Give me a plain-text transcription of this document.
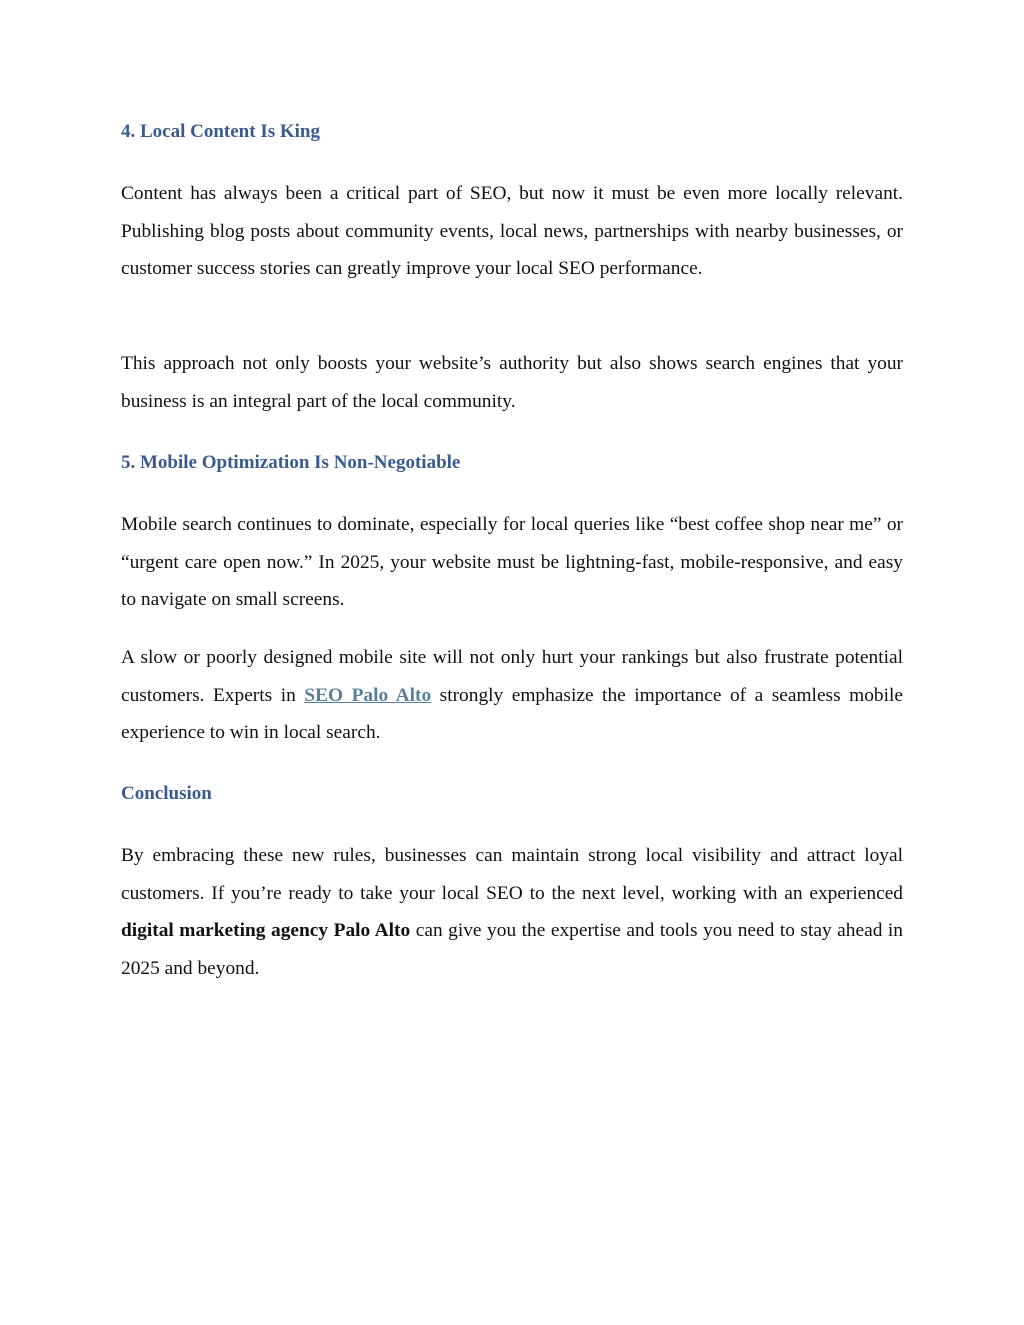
4. Local Content Is King

Content has always been a critical part of SEO, but now it must be even more locally relevant. Publishing blog posts about community events, local news, partnerships with nearby businesses, or customer success stories can greatly improve your local SEO performance.

This approach not only boosts your website’s authority but also shows search engines that your business is an integral part of the local community.

5. Mobile Optimization Is Non-Negotiable

Mobile search continues to dominate, especially for local queries like “best coffee shop near me” or “urgent care open now.” In 2025, your website must be lightning-fast, mobile-responsive, and easy to navigate on small screens.

A slow or poorly designed mobile site will not only hurt your rankings but also frustrate potential customers. Experts in SEO Palo Alto strongly emphasize the importance of a seamless mobile experience to win in local search.

Conclusion

By embracing these new rules, businesses can maintain strong local visibility and attract loyal customers. If you’re ready to take your local SEO to the next level, working with an experienced digital marketing agency Palo Alto can give you the expertise and tools you need to stay ahead in 2025 and beyond.
